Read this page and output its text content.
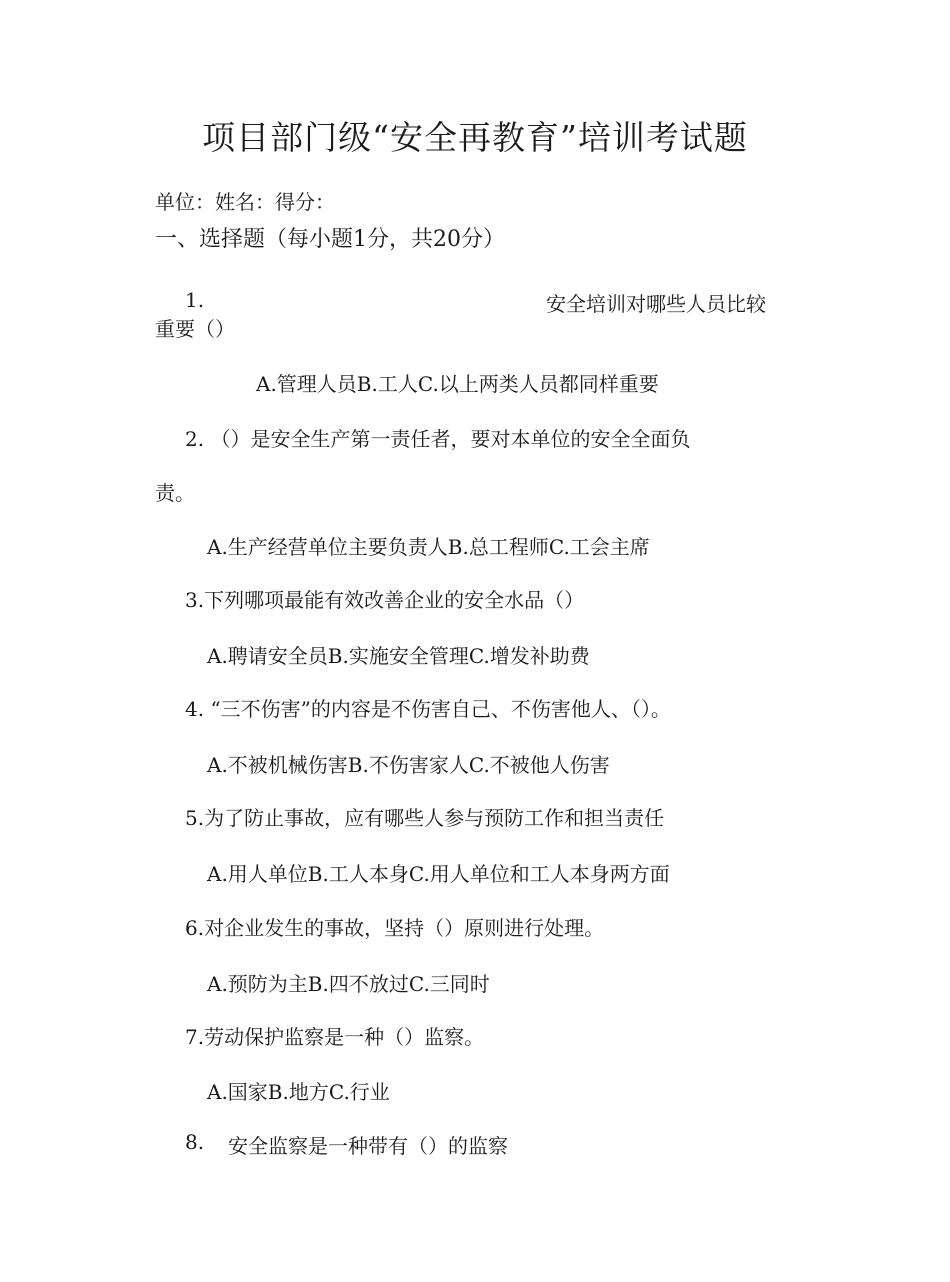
项目部门级“安全再教育”培训考试题
单位：姓名：得分：
一、选择题（每小题1分，共20分）
1.	安全培训对哪些人员比较
重要（）
A.管理人员B.工人C.以上两类人员都同样重要
2. （）是安全生产第一责任者，要对本单位的安全全面负
责。
A.生产经营单位主要负责人B.总工程师C.工会主席
3.下列哪项最能有效改善企业的安全水品（）
A.聘请安全员B.实施安全管理C.增发补助费
4. “三不伤害”的内容是不伤害自己、不伤害他人、（）。
A.不被机械伤害B.不伤害家人C.不被他人伤害
5.为了防止事故，应有哪些人参与预防工作和担当责任
A.用人单位B.工人本身C.用人单位和工人本身两方面
6.对企业发生的事故，坚持（）原则进行处理。
A.预防为主B.四不放过C.三同时
7.劳动保护监察是一种（）监察。
A.国家B.地方C.行业
8. 安全监察是一种带有（）的监察
